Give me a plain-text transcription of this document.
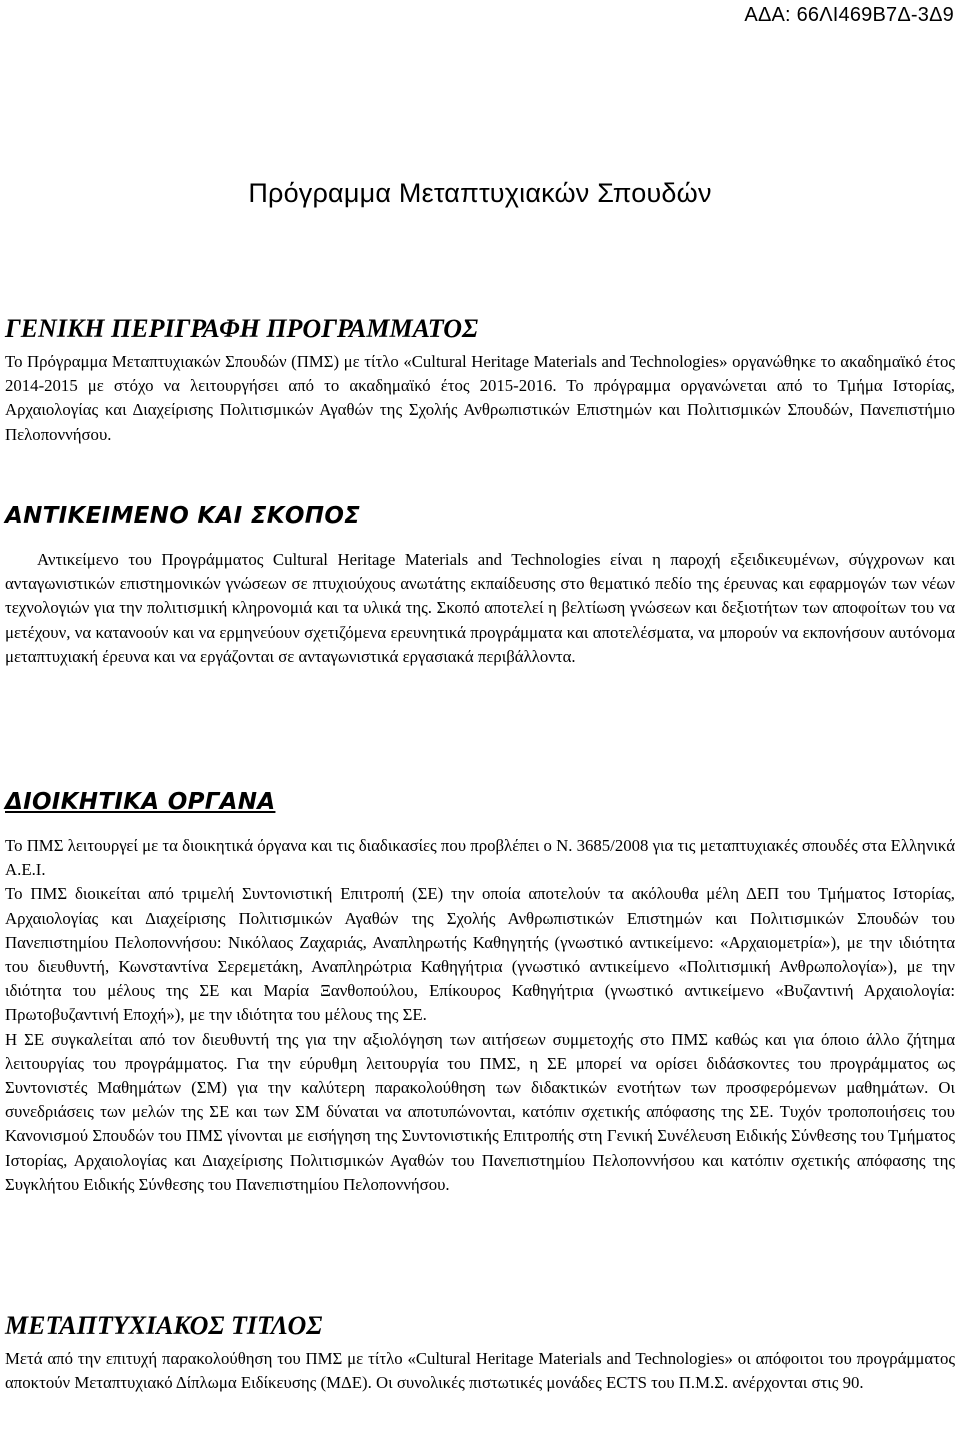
ΑΔΑ: 66ΛΙ469Β7Δ-3Δ9
Πρόγραμμα Μεταπτυχιακών Σπουδών
ΓΕΝΙΚΗ ΠΕΡΙΓΡΑΦΗ ΠΡΟΓΡΑΜΜΑΤΟΣ

Το Πρόγραμμα Μεταπτυχιακών Σπουδών (ΠΜΣ) με τίτλο «Cultural Heritage Materials and Technologies» οργανώθηκε το ακαδημαϊκό έτος 2014-2015 με στόχο να λειτουργήσει από το ακαδημαϊκό έτος 2015-2016. Το πρόγραμμα οργανώνεται από το Τμήμα Ιστορίας, Αρχαιολογίας και Διαχείρισης Πολιτισμικών Αγαθών της Σχολής Ανθρωπιστικών Επιστημών και Πολιτισμικών Σπουδών, Πανεπιστήμιο Πελοποννήσου.

ΑΝΤΙΚΕΙΜΕΝΟ ΚΑΙ ΣΚΟΠΟΣ

Αντικείμενο του Προγράμματος Cultural Heritage Materials and Technologies είναι η παροχή εξειδικευμένων, σύγχρονων και ανταγωνιστικών επιστημονικών γνώσεων σε πτυχιούχους ανωτάτης εκπαίδευσης στο θεματικό πεδίο της έρευνας και εφαρμογών των νέων τεχνολογιών για την πολιτισμική κληρονομιά και τα υλικά της. Σκοπό αποτελεί η βελτίωση γνώσεων και δεξιοτήτων των αποφοίτων του να μετέχουν, να κατανοούν και να ερμηνεύουν σχετιζόμενα ερευνητικά προγράμματα και αποτελέσματα, να μπορούν να εκπονήσουν αυτόνομα μεταπτυχιακή έρευνα και να εργάζονται σε ανταγωνιστικά εργασιακά περιβάλλοντα.

ΔΙΟΙΚΗΤΙΚΑ ΟΡΓΑΝΑ

Το ΠΜΣ λειτουργεί με τα διοικητικά όργανα και τις διαδικασίες που προβλέπει ο Ν. 3685/2008 για τις μεταπτυχιακές σπουδές στα Ελληνικά Α.Ε.Ι.

Το ΠΜΣ διοικείται από τριμελή Συντονιστική Επιτροπή (ΣΕ) την οποία αποτελούν τα ακόλουθα μέλη ΔΕΠ του Τμήματος Ιστορίας, Αρχαιολογίας και Διαχείρισης Πολιτισμικών Αγαθών της Σχολής Ανθρωπιστικών Επιστημών και Πολιτισμικών Σπουδών του Πανεπιστημίου Πελοποννήσου: Νικόλαος Ζαχαριάς, Αναπληρωτής Καθηγητής (γνωστικό αντικείμενο: «Αρχαιομετρία»), με την ιδιότητα του διευθυντή, Κωνσταντίνα Σερεμετάκη, Αναπληρώτρια Καθηγήτρια (γνωστικό αντικείμενο «Πολιτισμική Ανθρωπολογία»), με την ιδιότητα του μέλους της ΣΕ και Μαρία Ξανθοπούλου, Επίκουρος Καθηγήτρια (γνωστικό αντικείμενο «Βυζαντινή Αρχαιολογία: Πρωτοβυζαντινή Εποχή»), με την ιδιότητα του μέλους της ΣΕ.

Η ΣΕ συγκαλείται από τον διευθυντή της για την αξιολόγηση των αιτήσεων συμμετοχής στο ΠΜΣ καθώς και για όποιο άλλο ζήτημα λειτουργίας του προγράμματος. Για την εύρυθμη λειτουργία του ΠΜΣ, η ΣΕ μπορεί να ορίσει διδάσκοντες του προγράμματος ως Συντονιστές Μαθημάτων (ΣΜ) για την καλύτερη παρακολούθηση των διδακτικών ενοτήτων των προσφερόμενων μαθημάτων. Οι συνεδριάσεις των μελών της ΣΕ και των ΣΜ δύναται να αποτυπώνονται, κατόπιν σχετικής απόφασης της ΣΕ. Τυχόν τροποποιήσεις του Κανονισμού Σπουδών του ΠΜΣ γίνονται με εισήγηση της Συντονιστικής Επιτροπής στη Γενική Συνέλευση Ειδικής Σύνθεσης του Τμήματος Ιστορίας, Αρχαιολογίας και Διαχείρισης Πολιτισμικών Αγαθών του Πανεπιστημίου Πελοποννήσου και κατόπιν σχετικής απόφασης της Συγκλήτου Ειδικής Σύνθεσης του Πανεπιστημίου Πελοποννήσου.

ΜΕΤΑΠΤΥΧΙΑΚΟΣ ΤΙΤΛΟΣ

Μετά από την επιτυχή παρακολούθηση του ΠΜΣ με τίτλο «Cultural Heritage Materials and Technologies» οι απόφοιτοι του προγράμματος αποκτούν Μεταπτυχιακό Δίπλωμα Ειδίκευσης (ΜΔΕ). Οι συνολικές πιστωτικές μονάδες ECTS του Π.Μ.Σ. ανέρχονται στις 90.
